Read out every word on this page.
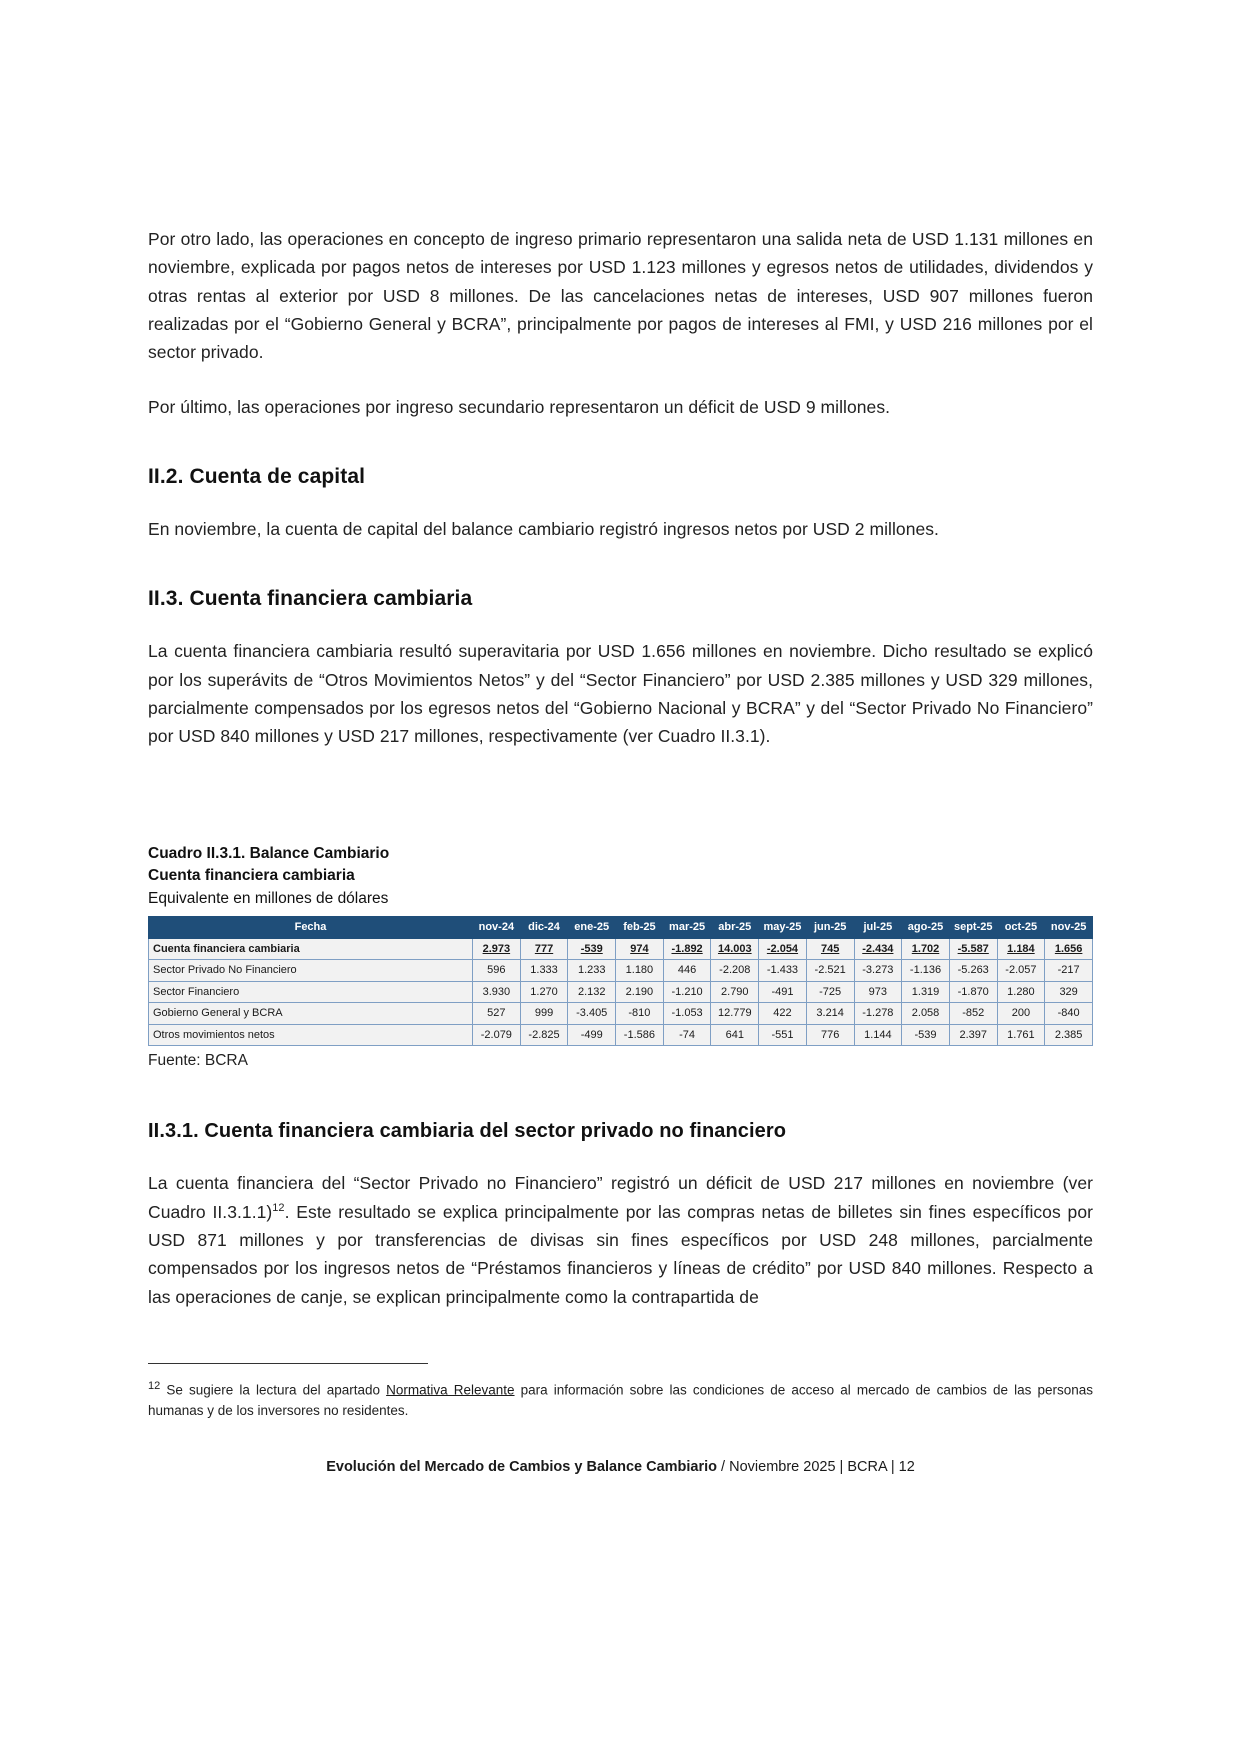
Por otro lado, las operaciones en concepto de ingreso primario representaron una salida neta de USD 1.131 millones en noviembre, explicada por pagos netos de intereses por USD 1.123 millones y egresos netos de utilidades, dividendos y otras rentas al exterior por USD 8 millones. De las cancelaciones netas de intereses, USD 907 millones fueron realizadas por el “Gobierno General y BCRA”, principalmente por pagos de intereses al FMI, y USD 216 millones por el sector privado.

Por último, las operaciones por ingreso secundario representaron un déficit de USD 9 millones.

II.2. Cuenta de capital

En noviembre, la cuenta de capital del balance cambiario registró ingresos netos por USD 2 millones.

II.3. Cuenta financiera cambiaria

La cuenta financiera cambiaria resultó superavitaria por USD 1.656 millones en noviembre. Dicho resultado se explicó por los superávits de “Otros Movimientos Netos” y del “Sector Financiero” por USD 2.385 millones y USD 329 millones, parcialmente compensados por los egresos netos del “Gobierno Nacional y BCRA” y del “Sector Privado No Financiero” por USD 840 millones y USD 217 millones, respectivamente (ver Cuadro II.3.1).

Cuadro II.3.1. Balance Cambiario
Cuenta financiera cambiaria
Equivalente en millones de dólares
Fecha	nov-24	dic-24	ene-25	feb-25	mar-25	abr-25	may-25	jun-25	jul-25	ago-25	sept-25	oct-25	nov-25
Cuenta financiera cambiaria	2.973	777	-539	974	-1.892	14.003	-2.054	745	-2.434	1.702	-5.587	1.184	1.656
Sector Privado No Financiero	596	1.333	1.233	1.180	446	-2.208	-1.433	-2.521	-3.273	-1.136	-5.263	-2.057	-217
Sector Financiero	3.930	1.270	2.132	2.190	-1.210	2.790	-491	-725	973	1.319	-1.870	1.280	329
Gobierno General y BCRA	527	999	-3.405	-810	-1.053	12.779	422	3.214	-1.278	2.058	-852	200	-840
Otros movimientos netos	-2.079	-2.825	-499	-1.586	-74	641	-551	776	1.144	-539	2.397	1.761	2.385
Fuente: BCRA
II.3.1. Cuenta financiera cambiaria del sector privado no financiero

La cuenta financiera del “Sector Privado no Financiero” registró un déficit de USD 217 millones en noviembre (ver Cuadro II.3.1.1)$^{12}$. Este resultado se explica principalmente por las compras netas de billetes sin fines específicos por USD 871 millones y por transferencias de divisas sin fines específicos por USD 248 millones, parcialmente compensados por los ingresos netos de “Préstamos financieros y líneas de crédito” por USD 840 millones. Respecto a las operaciones de canje, se explican principalmente como la contrapartida de

$^{12}$ Se sugiere la lectura del apartado Normativa Relevante para información sobre las condiciones de acceso al mercado de cambios de las personas humanas y de los inversores no residentes.
Evolución del Mercado de Cambios y Balance Cambiario / Noviembre 2025 | BCRA | 12
